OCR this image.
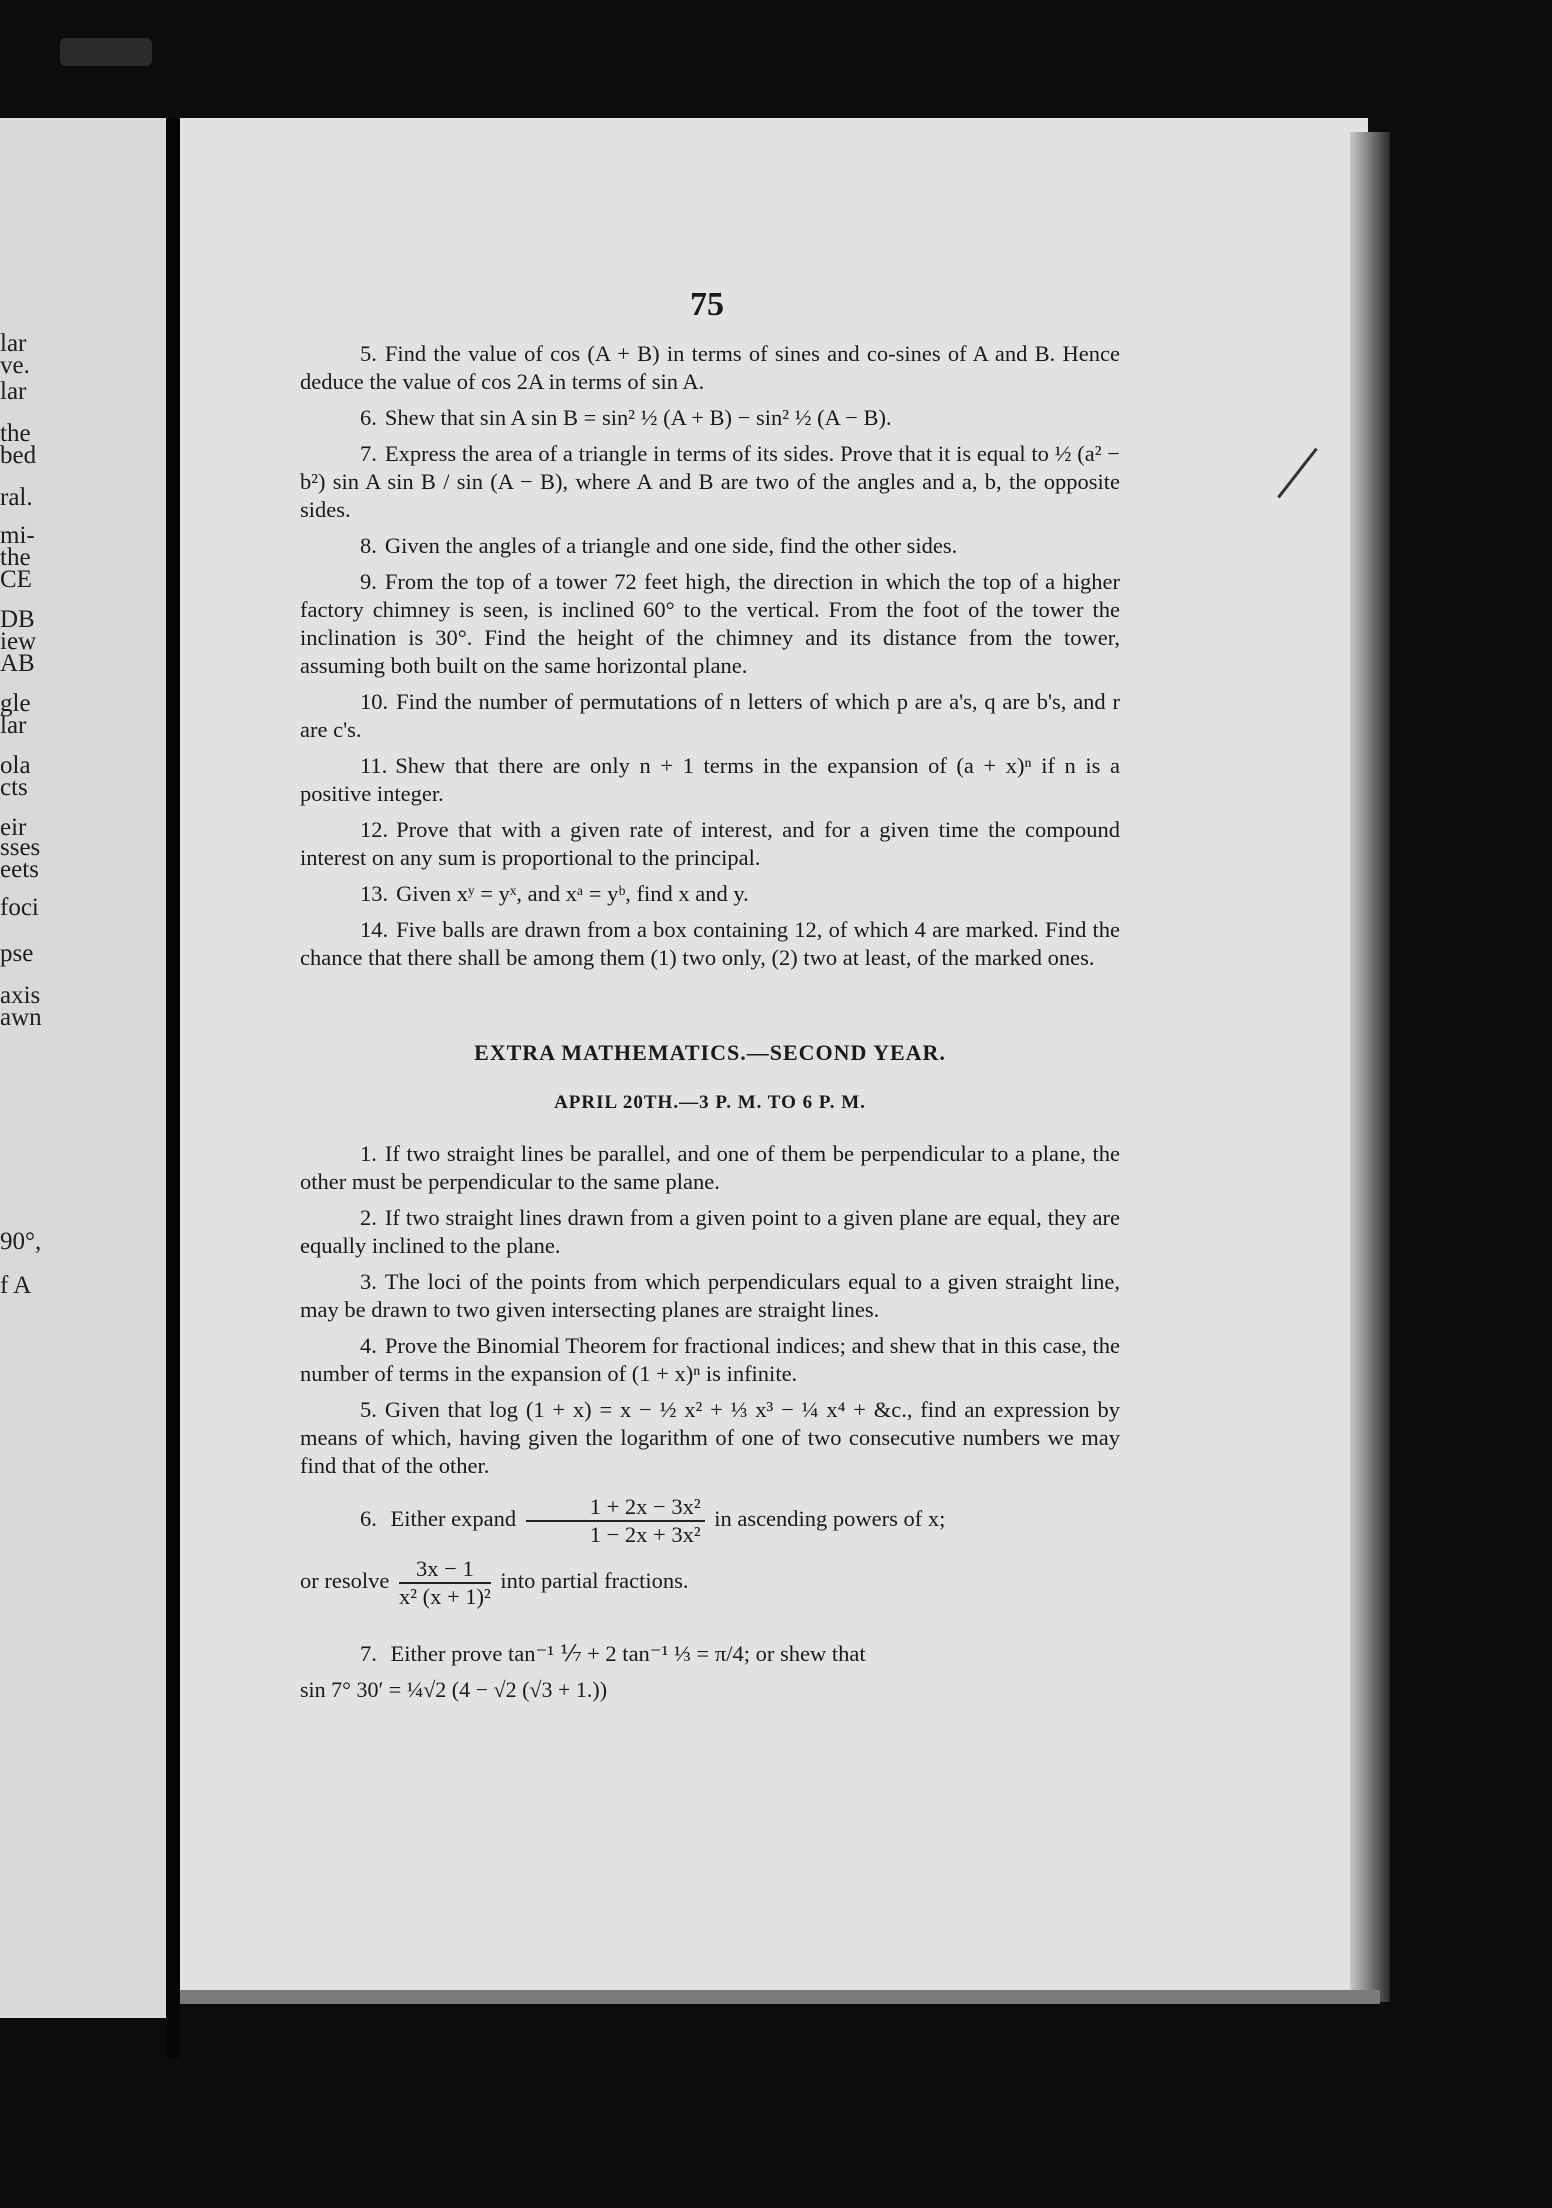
lar
ve.
lar
the
bed
ral.
mi-
the
CE
DB
iew
AB
gle
lar
ola
cts
eir
sses
eets
foci
pse
axis
awn
90°,
f A
75
5. Find the value of cos (A + B) in terms of sines and co-sines of A and B. Hence deduce the value of cos 2A in terms of sin A.
6. Shew that sin A sin B = sin² ½ (A + B) − sin² ½ (A − B).
7. Express the area of a triangle in terms of its sides. Prove that it is equal to ½ (a² − b²) sin A sin B / sin (A − B), where A and B are two of the angles and a, b, the opposite sides.
8. Given the angles of a triangle and one side, find the other sides.
9. From the top of a tower 72 feet high, the direction in which the top of a higher factory chimney is seen, is inclined 60° to the vertical. From the foot of the tower the inclination is 30°. Find the height of the chimney and its distance from the tower, assuming both built on the same horizontal plane.
10. Find the number of permutations of n letters of which p are a's, q are b's, and r are c's.
11. Shew that there are only n + 1 terms in the expansion of (a + x)ⁿ if n is a positive integer.
12. Prove that with a given rate of interest, and for a given time the compound interest on any sum is proportional to the principal.
13. Given xʸ = yˣ, and xᵃ = yᵇ, find x and y.
14. Five balls are drawn from a box containing 12, of which 4 are marked. Find the chance that there shall be among them (1) two only, (2) two at least, of the marked ones.
EXTRA MATHEMATICS.—SECOND YEAR.
APRIL 20TH.—3 P. M. TO 6 P. M.
1. If two straight lines be parallel, and one of them be perpendicular to a plane, the other must be perpendicular to the same plane.
2. If two straight lines drawn from a given point to a given plane are equal, they are equally inclined to the plane.
3. The loci of the points from which perpendiculars equal to a given straight line, may be drawn to two given intersecting planes are straight lines.
4. Prove the Binomial Theorem for fractional indices; and shew that in this case, the number of terms in the expansion of (1 + x)ⁿ is infinite.
5. Given that log (1 + x) = x − ½ x² + ⅓ x³ − ¼ x⁴ + &c., find an expression by means of which, having given the logarithm of one of two consecutive numbers we may find that of the other.
6. Either expand $\frac{\text{1 + 2x − 3x²}}{\text{1 − 2x + 3x²}}$ in ascending powers of x;
or resolve $\frac{3x - 1}{\text{x² (x + 1)²}}$ into partial fractions.
7. Either prove tan⁻¹ ⅐ + 2 tan⁻¹ ⅓ = π/4; or shew that
sin 7° 30′ = ¼√2 (4 − √2 (√3 + 1.))
